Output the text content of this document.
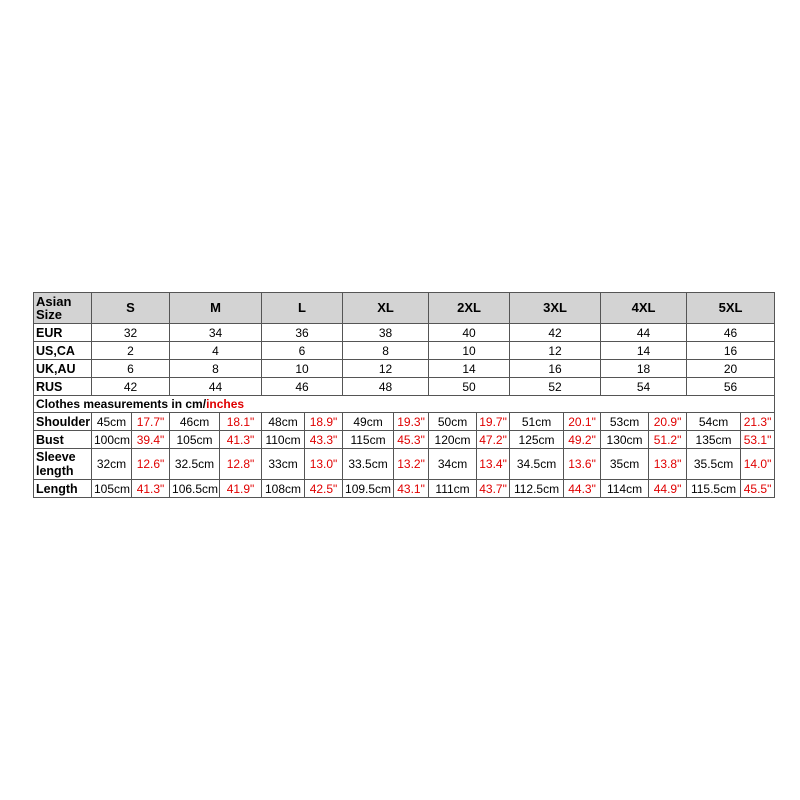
Asian Size	S		M		L		XL		2XL		3XL		4XL		5XL	
EUR	32		34		36		38		40		42		44		46	
US,CA	2		4		6		8		10		12		14		16	
UK,AU	6		8		10		12		14		16		18		20	
RUS	42		44		46		48		50		52		54		56	
Clothes measurements in cm/inches																
Shoulder	45cm	17.7"	46cm	18.1"	48cm	18.9"	49cm	19.3"	50cm	19.7"	51cm	20.1"	53cm	20.9"	54cm	21.3"
Bust	100cm	39.4"	105cm	41.3"	110cm	43.3"	115cm	45.3"	120cm	47.2"	125cm	49.2"	130cm	51.2"	135cm	53.1"
Sleeve length	32cm	12.6"	32.5cm	12.8"	33cm	13.0"	33.5cm	13.2"	34cm	13.4"	34.5cm	13.6"	35cm	13.8"	35.5cm	14.0"
Length	105cm	41.3"	106.5cm	41.9"	108cm	42.5"	109.5cm	43.1"	111cm	43.7"	112.5cm	44.3"	114cm	44.9"	115.5cm	45.5"
